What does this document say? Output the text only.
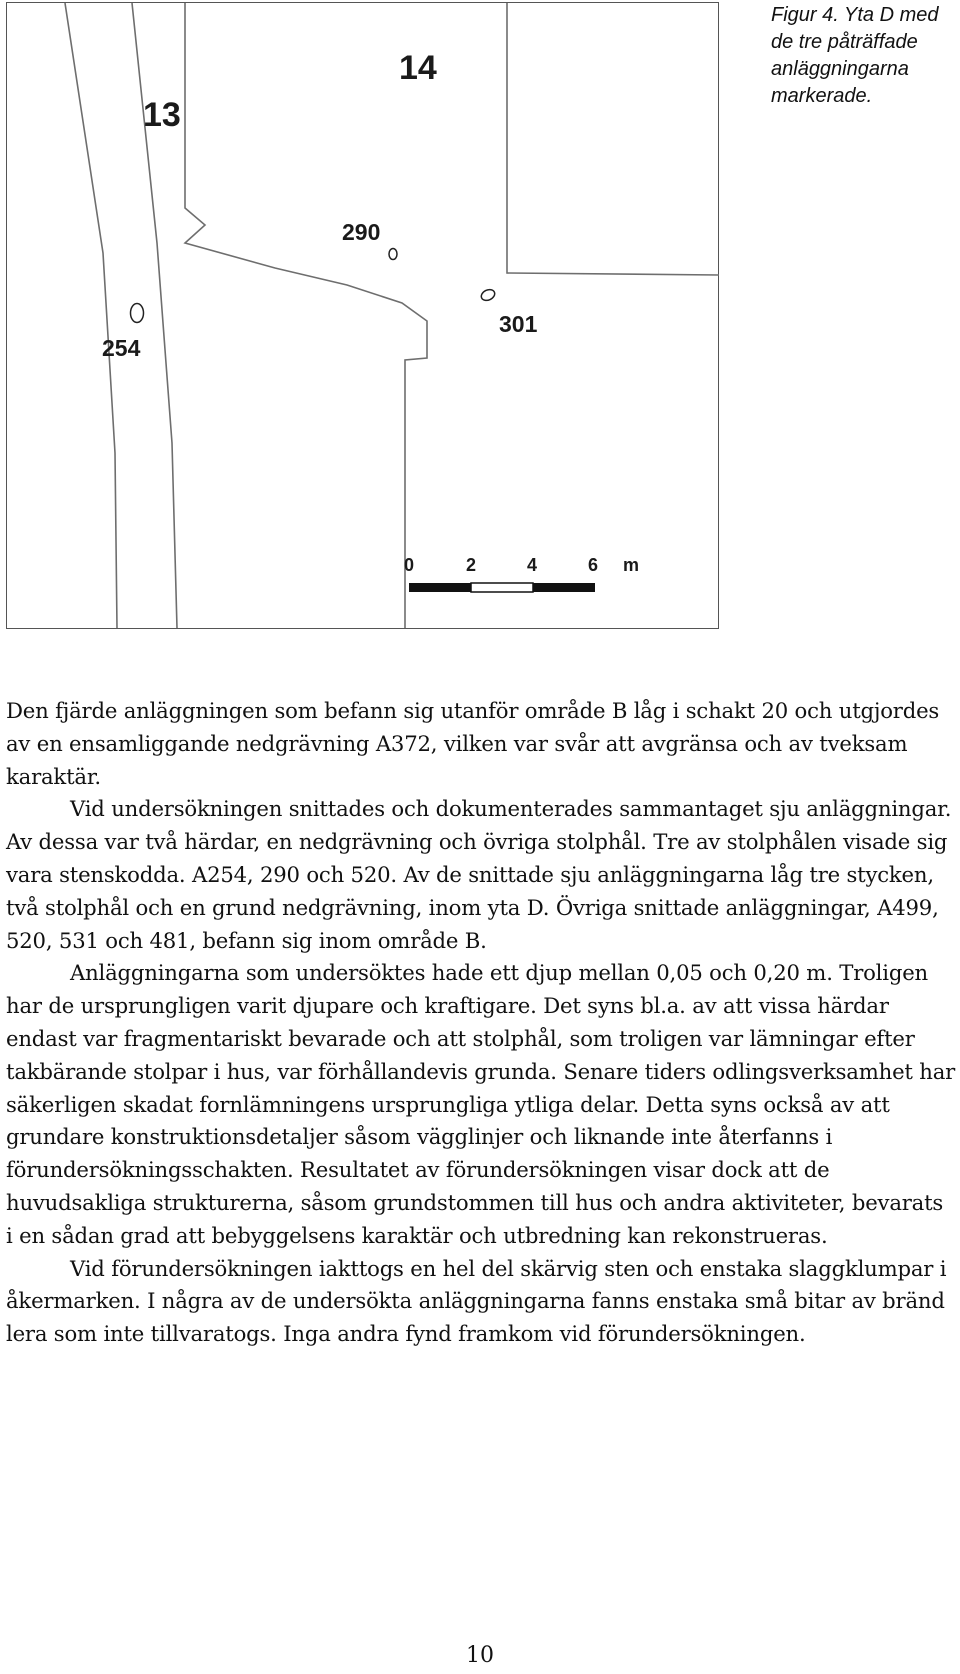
13
14
290
301
254
0	2	4	6 m
Figur 4. Yta D med de tre påträffade anläggningarna markerade.

Den fjärde anläggningen som befann sig utanför område B låg i schakt 20 och utgjordes av en ensamliggande nedgrävning A372, vilken var svår att avgränsa och av tveksam karaktär.

Vid undersökningen snittades och dokumenterades sammantaget sju anläggningar. Av dessa var två härdar, en nedgrävning och övriga stolphål. Tre av stolphålen visade sig vara stenskodda. A254, 290 och 520. Av de snittade sju anläggningarna låg tre stycken, två stolphål och en grund nedgrävning, inom yta D. Övriga snittade anläggningar, A499, 520, 531 och 481, befann sig inom område B.

Anläggningarna som undersöktes hade ett djup mellan 0,05 och 0,20 m. Troligen har de ursprungligen varit djupare och kraftigare. Det syns bl.a. av att vissa härdar endast var fragmentariskt bevarade och att stolphål, som troligen var lämningar efter takbärande stolpar i hus, var förhållandevis grunda. Senare tiders odlingsverksamhet har säkerligen skadat fornlämningens ursprungliga ytliga delar. Detta syns också av att grundare konstruktionsdetaljer såsom vägglinjer och liknande inte återfanns i förundersökningsschakten. Resultatet av förundersökningen visar dock att de huvudsakliga strukturerna, såsom grundstommen till hus och andra aktiviteter, bevarats i en sådan grad att bebyggelsens karaktär och utbredning kan rekonstrueras.

Vid förundersökningen iakttogs en hel del skärvig sten och enstaka slaggklumpar i åkermarken. I några av de undersökta anläggningarna fanns enstaka små bitar av bränd lera som inte tillvaratogs. Inga andra fynd framkom vid förundersökningen.

10
